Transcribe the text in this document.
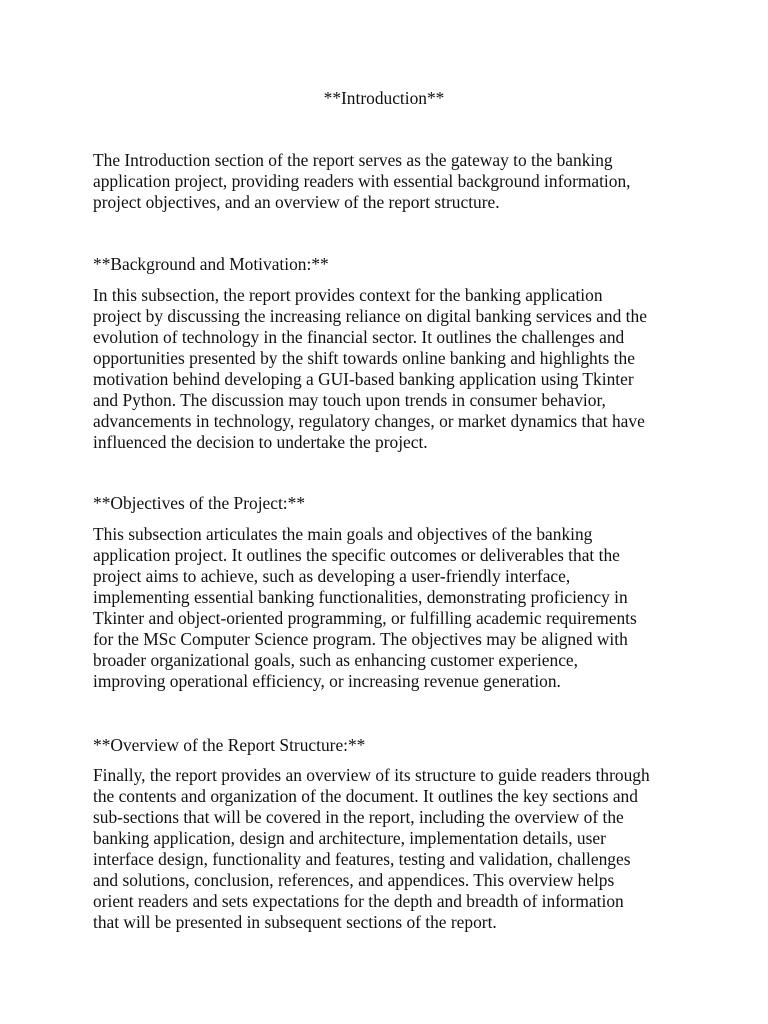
**Introduction**

The Introduction section of the report serves as the gateway to the banking
application project, providing readers with essential background information,
project objectives, and an overview of the report structure.

**Background and Motivation:**

In this subsection, the report provides context for the banking application
project by discussing the increasing reliance on digital banking services and the
evolution of technology in the financial sector. It outlines the challenges and
opportunities presented by the shift towards online banking and highlights the
motivation behind developing a GUI-based banking application using Tkinter
and Python. The discussion may touch upon trends in consumer behavior,
advancements in technology, regulatory changes, or market dynamics that have
influenced the decision to undertake the project.

**Objectives of the Project:**

This subsection articulates the main goals and objectives of the banking
application project. It outlines the specific outcomes or deliverables that the
project aims to achieve, such as developing a user-friendly interface,
implementing essential banking functionalities, demonstrating proficiency in
Tkinter and object-oriented programming, or fulfilling academic requirements
for the MSc Computer Science program. The objectives may be aligned with
broader organizational goals, such as enhancing customer experience,
improving operational efficiency, or increasing revenue generation.

**Overview of the Report Structure:**

Finally, the report provides an overview of its structure to guide readers through
the contents and organization of the document. It outlines the key sections and
sub-sections that will be covered in the report, including the overview of the
banking application, design and architecture, implementation details, user
interface design, functionality and features, testing and validation, challenges
and solutions, conclusion, references, and appendices. This overview helps
orient readers and sets expectations for the depth and breadth of information
that will be presented in subsequent sections of the report.
